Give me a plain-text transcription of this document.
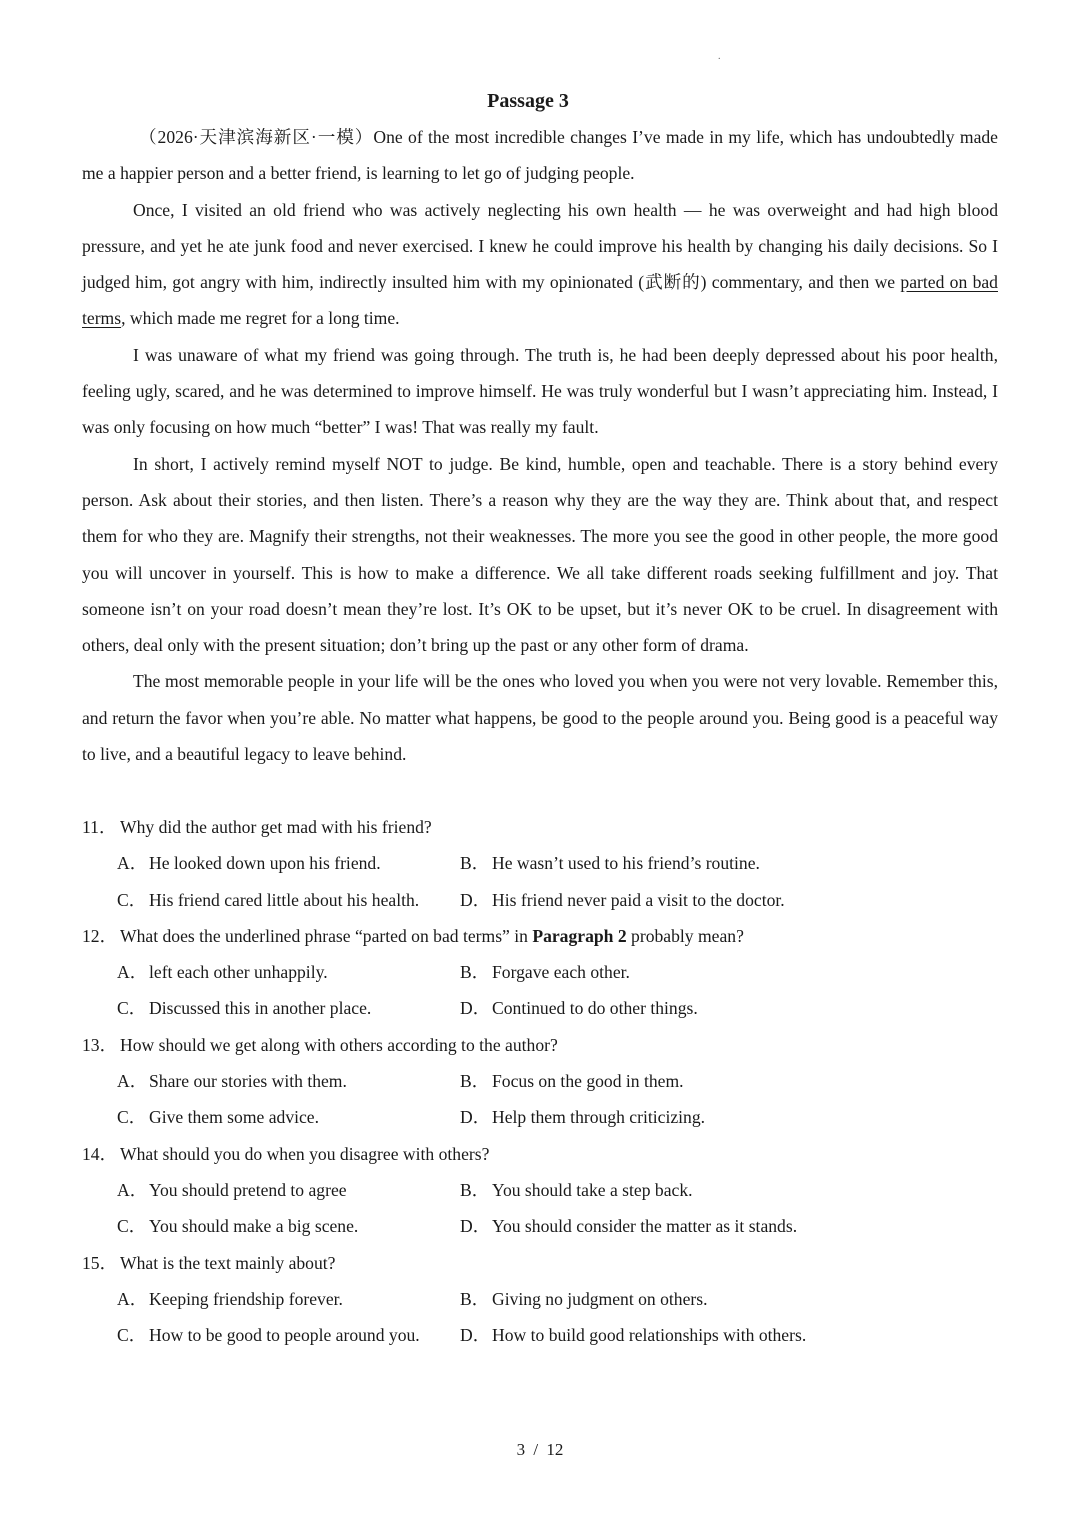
.
Passage 3

（2026·天津滨海新区·一模）One of the most incredible changes I’ve made in my life, which has undoubtedly made me a happier person and a better friend, is learning to let go of judging people.

Once, I visited an old friend who was actively neglecting his own health — he was overweight and had high blood pressure, and yet he ate junk food and never exercised. I knew he could improve his health by changing his daily decisions. So I judged him, got angry with him, indirectly insulted him with my opinionated (武断的) commentary, and then we parted on bad terms, which made me regret for a long time.

I was unaware of what my friend was going through. The truth is, he had been deeply depressed about his poor health, feeling ugly, scared, and he was determined to improve himself. He was truly wonderful but I wasn’t appreciating him. Instead, I was only focusing on how much “better” I was! That was really my fault.

In short, I actively remind myself NOT to judge. Be kind, humble, open and teachable. There is a story behind every person. Ask about their stories, and then listen. There’s a reason why they are the way they are. Think about that, and respect them for who they are. Magnify their strengths, not their weaknesses. The more you see the good in other people, the more good you will uncover in yourself. This is how to make a difference. We all take different roads seeking fulfillment and joy. That someone isn’t on your road doesn’t mean they’re lost. It’s OK to be upset, but it’s never OK to be cruel. In disagreement with others, deal only with the present situation; don’t bring up the past or any other form of drama.

The most memorable people in your life will be the ones who loved you when you were not very lovable. Remember this, and return the favor when you’re able. No matter what happens, be good to the people around you. Being good is a peaceful way to live, and a beautiful legacy to leave behind.

11． Why did the author get mad with his friend?
A．He looked down upon his friend.	B． He wasn’t used to his friend’s routine.
C． His friend cared little about his health.	D．His friend never paid a visit to the doctor.
12． What does the underlined phrase “parted on bad terms” in Paragraph 2 probably mean?
A．left each other unhappily.	B． Forgave each other.
C． Discussed this in another place.	D．Continued to do other things.
13． How should we get along with others according to the author?
A．Share our stories with them.	B． Focus on the good in them.
C． Give them some advice.	D．Help them through criticizing.
14． What should you do when you disagree with others?
A．You should pretend to agree	B． You should take a step back.
C． You should make a big scene.	D．You should consider the matter as it stands.
15． What is the text mainly about?
A．Keeping friendship forever.	B． Giving no judgment on others.
C． How to be good to people around you.	D．How to build good relationships with others.
3 / 12
